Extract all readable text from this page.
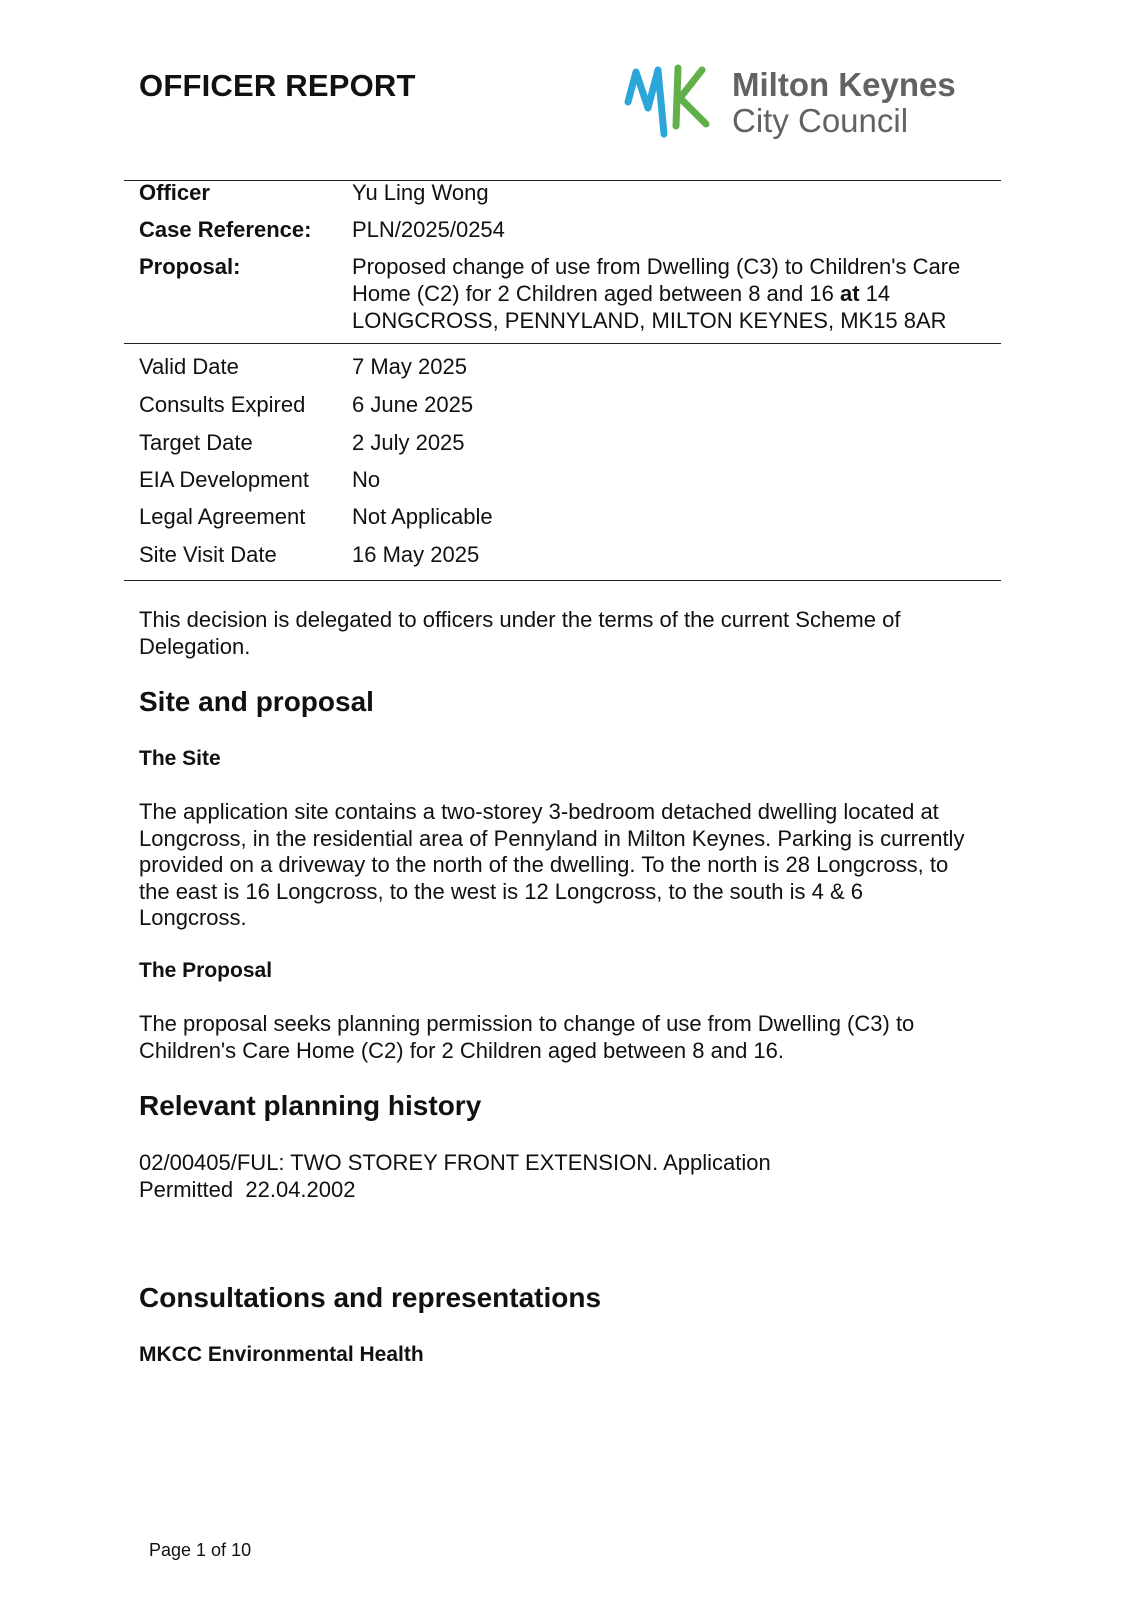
OFFICER REPORT	Milton Keynes
City Council
Officer	Yu Ling Wong
Case Reference: PLN/2025/0254
Proposal:	Proposed change of use from Dwelling (C3) to Children's Care
Home (C2) for 2 Children aged between 8 and 16 at 14
LONGCROSS, PENNYLAND, MILTON KEYNES, MK15 8AR
Valid Date	7 May 2025
Consults Expired 6 June 2025
Target Date	2 July 2025
EIA Development No
Legal Agreement Not Applicable
Site Visit Date	16 May 2025

This decision is delegated to officers under the terms of the current Scheme of
Delegation.

Site and proposal
The Site

The application site contains a two-storey 3-bedroom detached dwelling located at
Longcross, in the residential area of Pennyland in Milton Keynes. Parking is currently
provided on a driveway to the north of the dwelling. To the north is 28 Longcross, to
the east is 16 Longcross, to the west is 12 Longcross, to the south is 4 & 6
Longcross.

The Proposal

The proposal seeks planning permission to change of use from Dwelling (C3) to
Children's Care Home (C2) for 2 Children aged between 8 and 16.

Relevant planning history

02/00405/FUL: TWO STOREY FRONT EXTENSION. Application
Permitted  22.04.2002

Consultations and representations
MKCC Environmental Health
Page 1 of 10
